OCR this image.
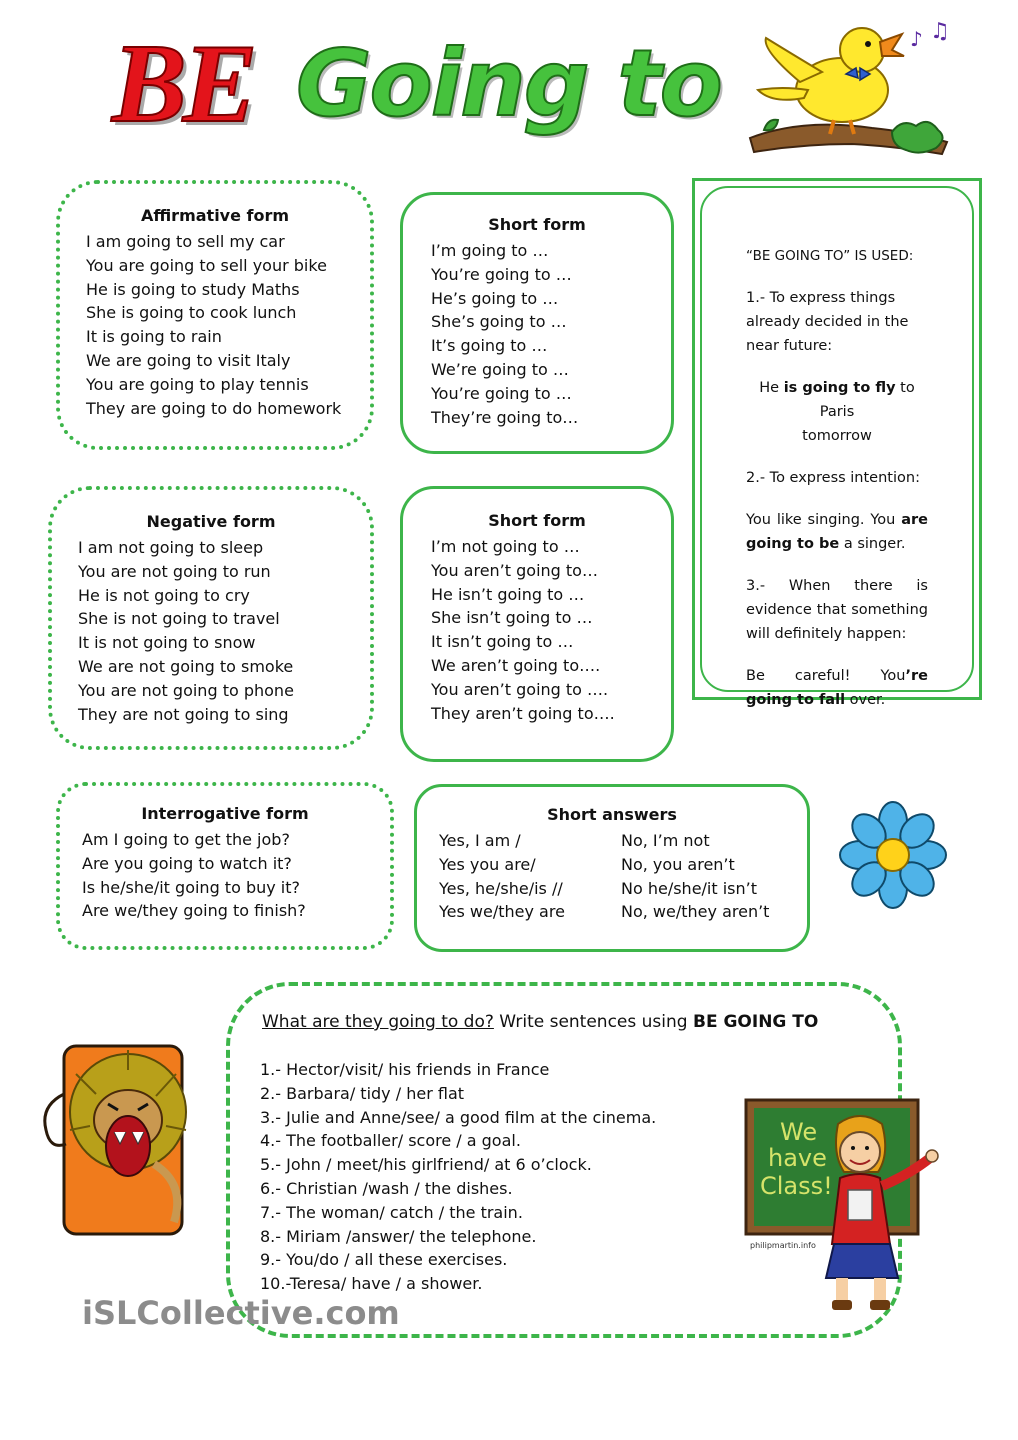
BE Going to	♪ ♫
Affirmative form
I am going to sell my car
You are going to sell your bike
He is going to study Maths
She is going to cook lunch
It is going to rain
We are going to visit Italy
You are going to play tennis
They are going to do homework
Short form
I’m going to …
You’re going to …
He’s going to …
She’s going to …
It’s going to …
We’re going to …
You’re going to …
They’re going to…

“BE GOING TO” IS USED:

1.- To express things already decided in the near future:

He is going to fly to Paris
tomorrow

2.- To express intention:

You like singing. You are going to be a singer.

3.- When there is evidence that something will definitely happen:

Be careful! You’re going to fall over.

Negative form
I am not going to sleep
You are not going to run
He is not going to cry
She is not going to travel
It is not going to snow
We are not going to smoke
You are not going to phone
They are not going to sing
Short form
I’m not going to …
You aren’t going to…
He isn’t going to …
She isn’t going to …
It isn’t going to …
We aren’t going to….
You aren’t going to ….
They aren’t going to….
Interrogative form
Am I going to get the job?
Are you going to watch it?
Is he/she/it going to buy it?
Are we/they going to finish?
Short answers
Yes, I am /
Yes you are/
Yes, he/she/is //
Yes we/they are
No, I’m not
No, you aren’t
No he/she/it isn’t
No, we/they aren’t
What are they going to do? Write sentences using BE GOING TO
1.- Hector/visit/ his friends in France
2.- Barbara/ tidy / her flat
3.- Julie and Anne/see/ a good film at the cinema.
4.- The footballer/ score / a goal.
5.- John / meet/his girlfriend/ at 6 o’clock.
6.- Christian /wash / the dishes.
7.- The woman/ catch / the train.
8.- Miriam /answer/ the telephone.
9.- You/do / all these exercises.
10.-Teresa/ have / a shower.
We
have
Class!
philipmartin.info
iSLCollective.com
